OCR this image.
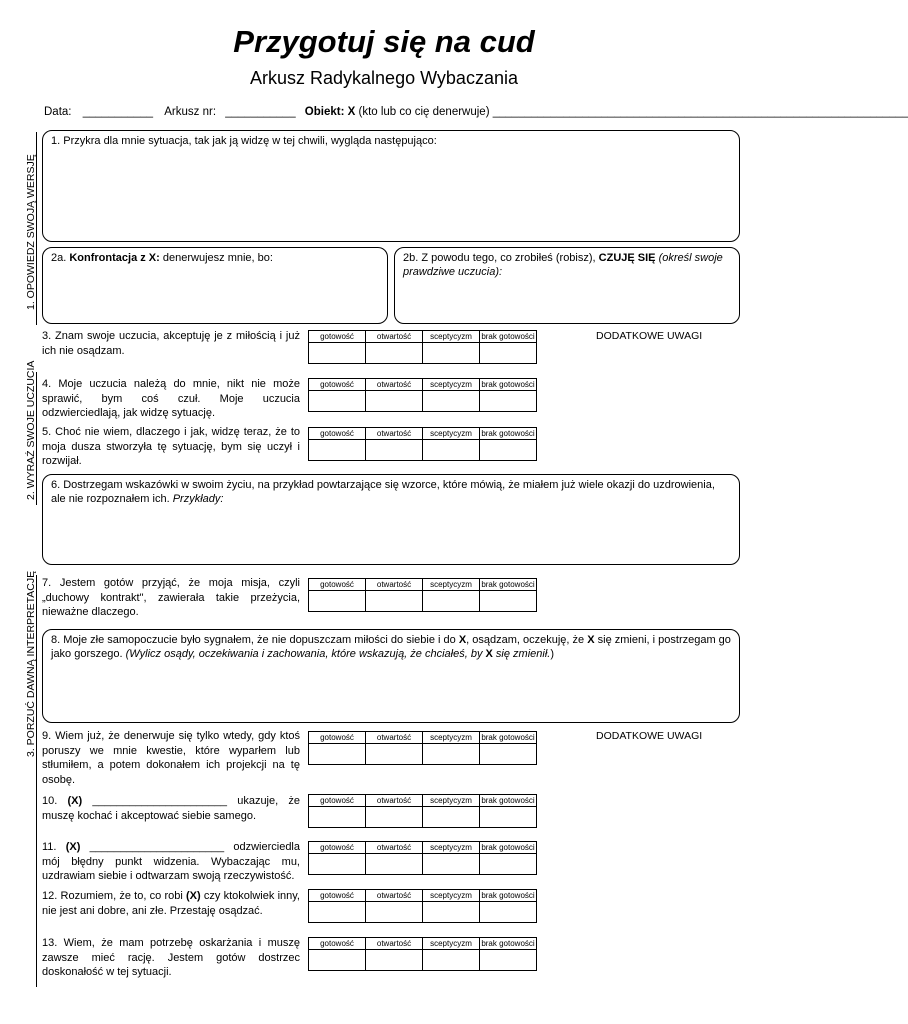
Przygotuj się na cud
Arkusz Radykalnego Wybaczania
Data: ___________ Arkusz nr: ___________ Obiekt: X (kto lub co cię denerwuje) _________________________________________________________________
1. OPOWIEDZ SWOJĄ WERSJĘ
2. WYRAŹ SWOJE UCZUCIA
3. PORZUĆ DAWNĄ INTERPRETACJĘ
1. Przykra dla mnie sytuacja, tak jak ją widzę w tej chwili, wygląda następująco:
2a. Konfrontacja z X: denerwujesz mnie, bo:	2b. Z powodu tego, co zrobiłeś (robisz), CZUJĘ SIĘ (określ swoje prawdziwe uczucia):
3. Znam swoje uczucia, akceptuję je z miłością i już ich nie osądzam.
DODATKOWE UWAGI
gotowość	otwartość	sceptycyzm	brak gotowości

4. Moje uczucia należą do mnie, nikt nie może sprawić, bym coś czuł. Moje uczucia odzwierciedlają, jak widzę sytuację.
gotowość	otwartość	sceptycyzm	brak gotowości

5. Choć nie wiem, dlaczego i jak, widzę teraz, że to moja dusza stworzyła tę sytuację, bym się uczył i rozwijał.
gotowość	otwartość	sceptycyzm	brak gotowości

6. Dostrzegam wskazówki w swoim życiu, na przykład powtarzające się wzorce, które mówią, że miałem już wiele okazji do uzdrowienia, ale nie rozpoznałem ich. Przykłady:
7. Jestem gotów przyjąć, że moja misja, czyli „duchowy kontrakt", zawierała takie przeżycia, nieważne dlaczego.
gotowość	otwartość	sceptycyzm	brak gotowości

8. Moje złe samopoczucie było sygnałem, że nie dopuszczam miłości do siebie i do X, osądzam, oczekuję, że X się zmieni, i postrzegam go jako gorszego. (Wylicz osądy, oczekiwania i zachowania, które wskazują, że chciałeś, by X się zmienił.)
9. Wiem już, że denerwuje się tylko wtedy, gdy ktoś poruszy we mnie kwestie, które wyparłem lub stłumiłem, a potem dokonałem ich projekcji na tę osobę.
DODATKOWE UWAGI
gotowość	otwartość	sceptycyzm	brak gotowości

10. (X) ______________________ ukazuje, że muszę kochać i akceptować siebie samego.
gotowość	otwartość	sceptycyzm	brak gotowości

11. (X) ______________________ odzwierciedla mój błędny punkt widzenia. Wybaczając mu, uzdrawiam siebie i odtwarzam swoją rzeczywistość.
gotowość	otwartość	sceptycyzm	brak gotowości

12. Rozumiem, że to, co robi (X) czy ktokolwiek inny, nie jest ani dobre, ani złe. Przestaję osądzać.
gotowość	otwartość	sceptycyzm	brak gotowości

13. Wiem, że mam potrzebę oskarżania i muszę zawsze mieć rację. Jestem gotów dostrzec doskonałość w tej sytuacji.
gotowość	otwartość	sceptycyzm	brak gotowości
